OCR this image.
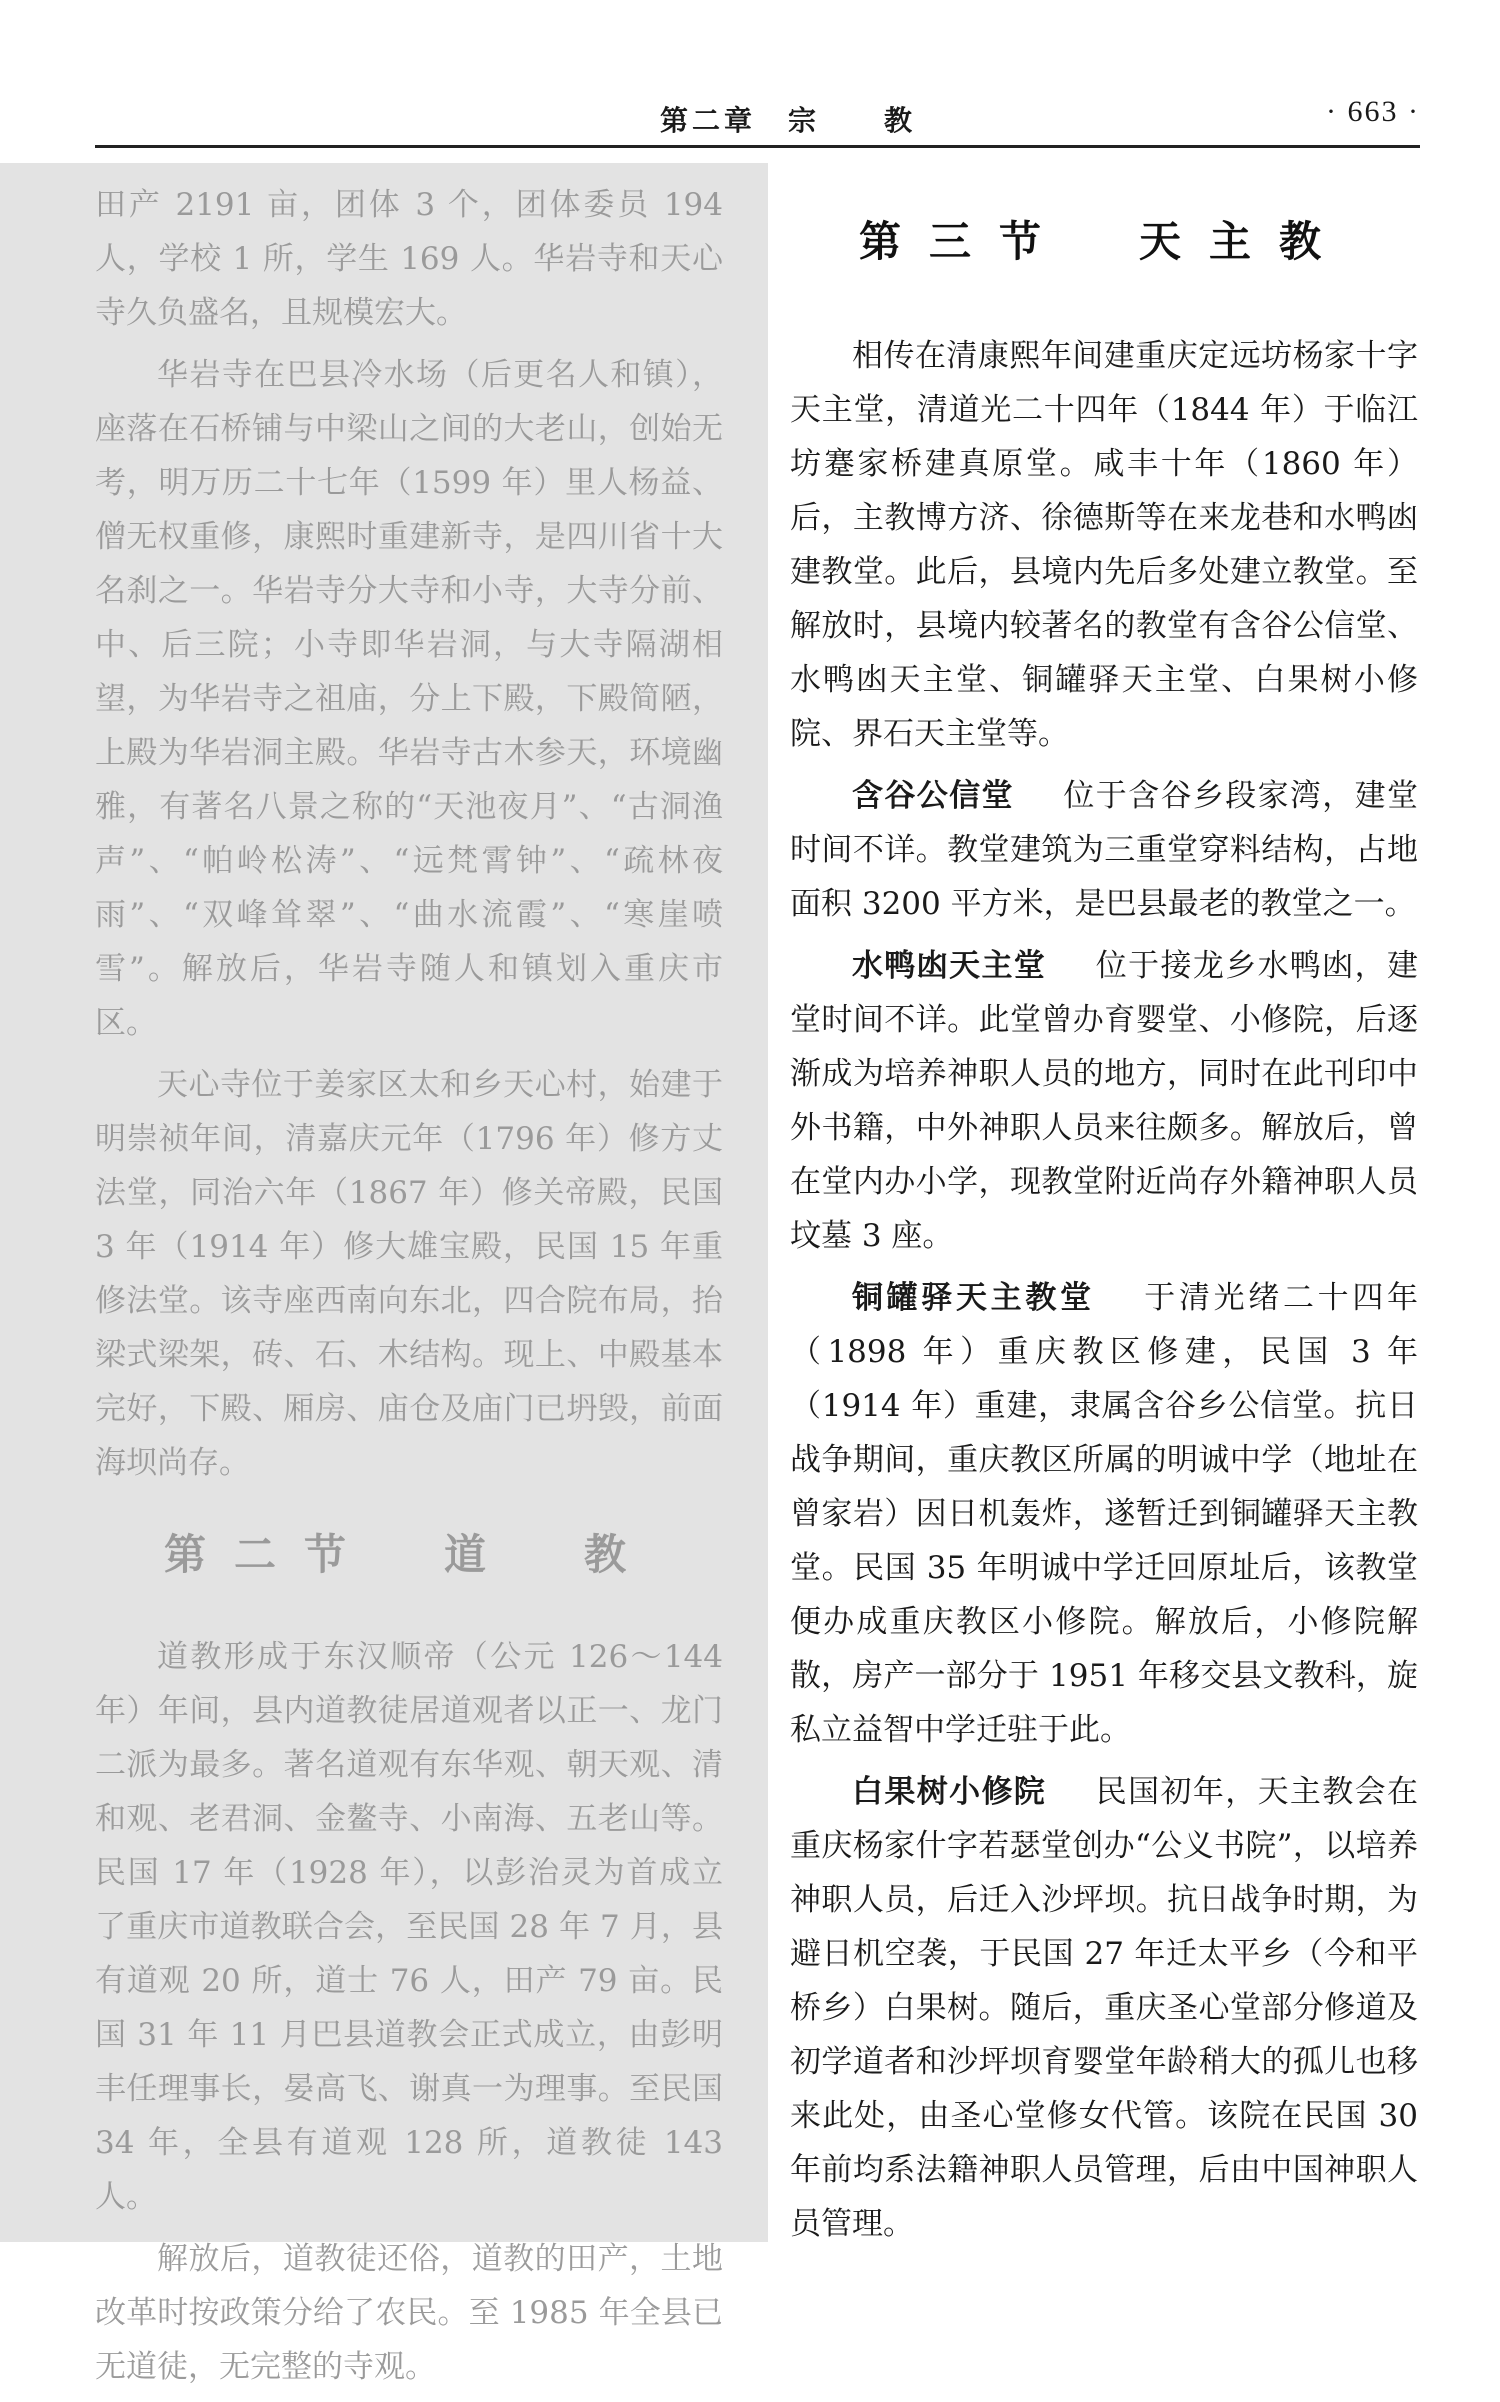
第二章　宗　　教	· 663 ·

田产 2191 亩，团体 3 个，团体委员 194 人，学校 1 所，学生 169 人。华岩寺和天心寺久负盛名，且规模宏大。

华岩寺在巴县冷水场（后更名人和镇），座落在石桥铺与中梁山之间的大老山，创始无考，明万历二十七年（1599 年）里人杨益、僧无权重修，康熙时重建新寺，是四川省十大名刹之一。华岩寺分大寺和小寺，大寺分前、中、后三院；小寺即华岩洞，与大寺隔湖相望，为华岩寺之祖庙，分上下殿，下殿简陋，上殿为华岩洞主殿。华岩寺古木参天，环境幽雅，有著名八景之称的“天池夜月”、“古洞渔声”、“帕岭松涛”、“远梵霄钟”、“疏林夜雨”、“双峰耸翠”、“曲水流霞”、“寒崖喷雪”。解放后，华岩寺随人和镇划入重庆市区。

天心寺位于姜家区太和乡天心村，始建于明崇祯年间，清嘉庆元年（1796 年）修方丈法堂，同治六年（1867 年）修关帝殿，民国 3 年（1914 年）修大雄宝殿，民国 15 年重修法堂。该寺座西南向东北，四合院布局，抬梁式梁架，砖、石、木结构。现上、中殿基本完好，下殿、厢房、庙仓及庙门已坍毁，前面海坝尚存。

第二节　道　教

道教形成于东汉顺帝（公元 126～144 年）年间，县内道教徒居道观者以正一、龙门二派为最多。著名道观有东华观、朝天观、清和观、老君洞、金鳌寺、小南海、五老山等。民国 17 年（1928 年），以彭治灵为首成立了重庆市道教联合会，至民国 28 年 7 月，县有道观 20 所，道士 76 人，田产 79 亩。民国 31 年 11 月巴县道教会正式成立，由彭明丰任理事长，晏高飞、谢真一为理事。至民国 34 年，全县有道观 128 所，道教徒 143 人。

解放后，道教徒还俗，道教的田产，土地改革时按政策分给了农民。至 1985 年全县已无道徒，无完整的寺观。

第三节　天主教

相传在清康熙年间建重庆定远坊杨家十字天主堂，清道光二十四年（1844 年）于临江坊蹇家桥建真原堂。咸丰十年（1860 年）后，主教博方济、徐德斯等在来龙巷和水鸭凼建教堂。此后，县境内先后多处建立教堂。至解放时，县境内较著名的教堂有含谷公信堂、水鸭凼天主堂、铜罐驿天主堂、白果树小修院、界石天主堂等。

含谷公信堂 位于含谷乡段家湾，建堂时间不详。教堂建筑为三重堂穿料结构，占地面积 3200 平方米，是巴县最老的教堂之一。

水鸭凼天主堂 位于接龙乡水鸭凼，建堂时间不详。此堂曾办育婴堂、小修院，后逐渐成为培养神职人员的地方，同时在此刊印中外书籍，中外神职人员来往颇多。解放后，曾在堂内办小学，现教堂附近尚存外籍神职人员坟墓 3 座。

铜罐驿天主教堂 于清光绪二十四年（1898 年）重庆教区修建，民国 3 年（1914 年）重建，隶属含谷乡公信堂。抗日战争期间，重庆教区所属的明诚中学（地址在曾家岩）因日机轰炸，遂暂迁到铜罐驿天主教堂。民国 35 年明诚中学迁回原址后，该教堂便办成重庆教区小修院。解放后，小修院解散，房产一部分于 1951 年移交县文教科，旋私立益智中学迁驻于此。

白果树小修院 民国初年，天主教会在重庆杨家什字若瑟堂创办“公义书院”，以培养神职人员，后迁入沙坪坝。抗日战争时期，为避日机空袭，于民国 27 年迁太平乡（今和平桥乡）白果树。随后，重庆圣心堂部分修道及初学道者和沙坪坝育婴堂年龄稍大的孤儿也移来此处，由圣心堂修女代管。该院在民国 30 年前均系法籍神职人员管理，后由中国神职人员管理。
